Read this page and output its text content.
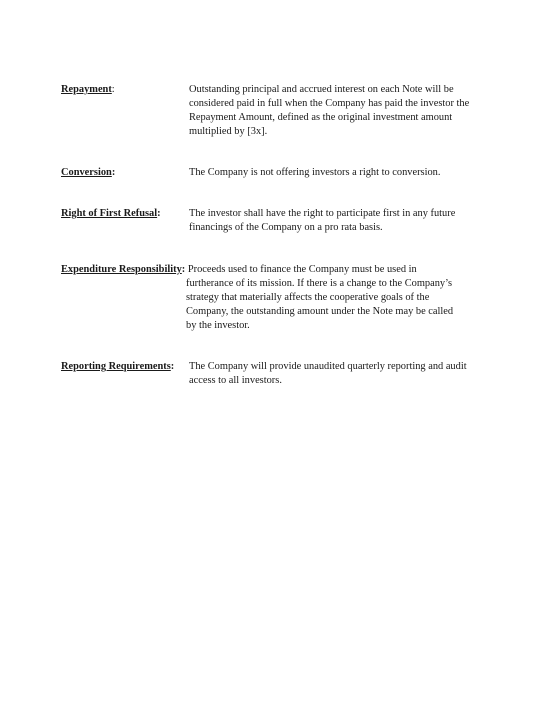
Repayment:	Outstanding principal and accrued interest on each Note will be
considered paid in full when the Company has paid the investor the
Repayment Amount, defined as the original investment amount
multiplied by [3x].
Conversion:	The Company is not offering investors a right to conversion.
Right of First Refusal:	The investor shall have the right to participate first in any future
financings of the Company on a pro rata basis.
Expenditure Responsibility: Proceeds used to finance the Company must be used in
furtherance of its mission. If there is a change to the Company’s
strategy that materially affects the cooperative goals of the
Company, the outstanding amount under the Note may be called
by the investor.
Reporting Requirements: The Company will provide unaudited quarterly reporting and audit
access to all investors.
